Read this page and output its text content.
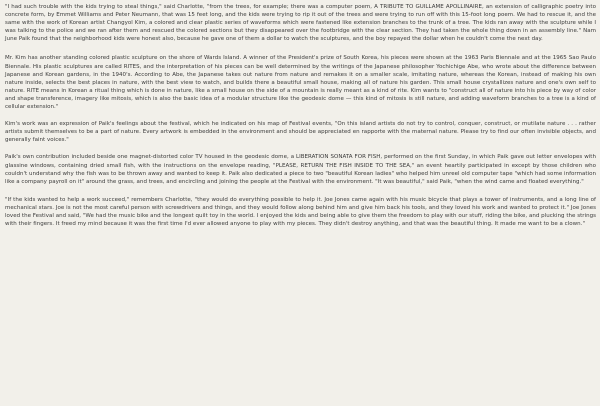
"I had such trouble with the kids trying to steal things," said Charlotte, "from the trees, for example; there was a computer poem, A TRIBUTE TO GUILLAME APOLLINAIRE, an extension of calligraphic poetry into concrete form, by Emmet Williams and Peter Neumann, that was 15 feet long, and the kids were trying to rip it out of the trees and were trying to run off with this 15-foot long poem. We had to rescue it, and the same with the work of Korean artist Changyol Kim, a colored and clear plastic series of waveforms which were fastened like extension branches to the trunk of a tree. The kids ran away with the sculpture while I was talking to the police and we ran after them and rescued the colored sections but they disappeared over the footbridge with the clear section. They had taken the whole thing down in an assembly line." Nam June Paik found that the neighborhood kids were honest also, because he gave one of them a dollar to watch the sculptures, and the boy repayed the dollar when he couldn't come the next day.

Mr. Kim has another standing colored plastic sculpture on the shore of Wards Island. A winner of the President's prize of South Korea, his pieces were shown at the 1963 Paris Biennale and at the 1965 Sao Paulo Biennale. His plastic sculptures are called RITES, and the interpretation of his pieces can be well determined by the writings of the Japanese philosopher Yochichige Abe, who wrote about the difference between Japanese and Korean gardens, in the 1940's. According to Abe, the Japanese takes out nature from nature and remakes it on a smaller scale, imitating nature, whereas the Korean, instead of making his own nature inside, selects the best places in nature, with the best view to watch, and builds there a beautiful small house, making all of nature his garden. This small house crystallizes nature and one's own self to nature. RITE means in Korean a ritual thing which is done in nature, like a small house on the side of a mountain is really meant as a kind of rite. Kim wants to "construct all of nature into his piece by way of color and shape transference, imagery like mitosis, which is also the basic idea of a modular structure like the geodesic dome — this kind of mitosis is still nature, and adding waveform branches to a tree is a kind of cellular extension."

Kim's work was an expression of Paik's feelings about the festival, which he indicated on his map of Festival events, "On this island artists do not try to control, conquer, construct, or mutilate nature . . . rather artists submit themselves to be a part of nature. Every artwork is embedded in the environment and should be appreciated en rapporte with the maternal nature. Please try to find our often invisible objects, and generally faint voices."

Paik's own contribution included beside one magnet-distorted color TV housed in the geodesic dome, a LIBERATION SONATA FOR FISH, performed on the first Sunday, in which Paik gave out letter envelopes with glassine windows, containing dried small fish, with the instructions on the envelope reading, "PLEASE, RETURN THE FISH INSIDE TO THE SEA," an event heartily participated in except by those children who couldn't understand why the fish was to be thrown away and wanted to keep it. Paik also dedicated a piece to two "beautiful Korean ladies" who helped him unreel old computer tape "which had some information like a company payroll on it" around the grass, and trees, and encircling and joining the people at the Festival with the environment. "It was beautiful," said Paik, "when the wind came and floated everything."

"If the kids wanted to help a work succeed," remembers Charlotte, "they would do everything possible to help it. Joe Jones came again with his music bicycle that plays a tower of instruments, and a long line of mechanical stars. Joe is not the most careful person with screwdrivers and things, and they would follow along behind him and give him back his tools, and they loved his work and wanted to protect it." Joe Jones loved the Festival and said, "We had the music bike and the longest quilt toy in the world. I enjoyed the kids and being able to give them the freedom to play with our stuff, riding the bike, and plucking the strings with their fingers. It freed my mind because it was the first time I'd ever allowed anyone to play with my pieces. They didn't destroy anything, and that was the beautiful thing. It made me want to be a clown."
